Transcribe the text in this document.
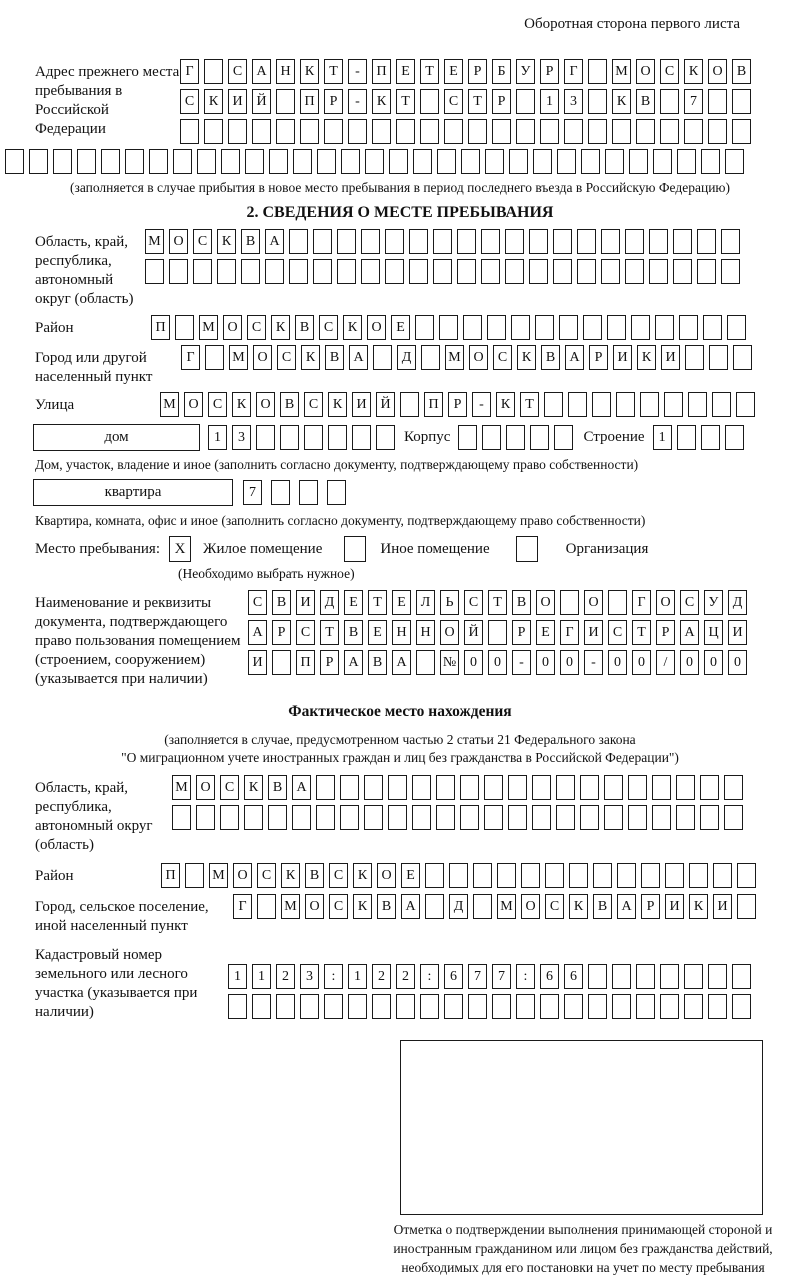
Оборотная сторона первого листа
Адрес прежнего места пребывания в Российской Федерации
Г	С	А Н	К	Т	-	П	Е	Т	Е	Р	Б	У	Р	Г	М О	С	К	О	В
С	К	И Й	П	Р	-	К	Т	С	Т	Р	1	3	К	В	7
(заполняется в случае прибытия в новое место пребывания в период последнего въезда в Российскую Федерацию)
2. СВЕДЕНИЯ О МЕСТЕ ПРЕБЫВАНИЯ
Область, край, республика, автономный округ (область)
М О	С	К	В	А
Район	П	М О	С	К	В	С	К	О	Е
Город или другой населенный пункт
Г	М О	С	К	В	А	Д	М О	С	К	В	А	Р	И	К	И
Улица	М О	С	К	О	В	С	К	И Й	П	Р	-	К	Т
дом	1	3	Корпус	Строение	1
Дом, участок, владение и иное (заполнить согласно документу, подтверждающему право собственности)
квартира	7
Квартира, комната, офис и иное (заполнить согласно документу, подтверждающему право собственности)
Место пребывания: X	Жилое помещение	Иное помещение	Организация
(Необходимо выбрать нужное)
Наименование и реквизиты документа, подтверждающего право пользования помещением (строением, сооружением) (указывается при наличии)
С	В	И	Д	Е	Т	Е	Л	Ь	С	Т	В	О	О	Г	О	С	У	Д
А	Р	С	Т	В	Е	Н Н О Й	Р	Е	Г	И	С	Т	Р	А Ц И
И	П	Р	А	В	А	№ 0	0	-	0	0	-	0	0	/	0	0	0
Фактическое место нахождения
(заполняется в случае, предусмотренном частью 2 статьи 21 Федерального закона
"О миграционном учете иностранных граждан и лиц без гражданства в Российской Федерации")
Область, край, республика, автономный округ (область)
М О	С	К	В	А
Район	П	М О	С	К	В	С	К	О	Е
Город, сельское поселение, иной населенный пункт
Г	М О	С	К	В	А	Д	М О	С	К	В	А	Р	И	К	И
Кадастровый номер земельного или лесного участка (указывается при наличии)
1	1	2	3	:	1	2	2	:	6	7	7	:	6	6
Отметка о подтверждении выполнения принимающей стороной и иностранным гражданином или лицом без гражданства действий, необходимых для его постановки на учет по месту пребывания
